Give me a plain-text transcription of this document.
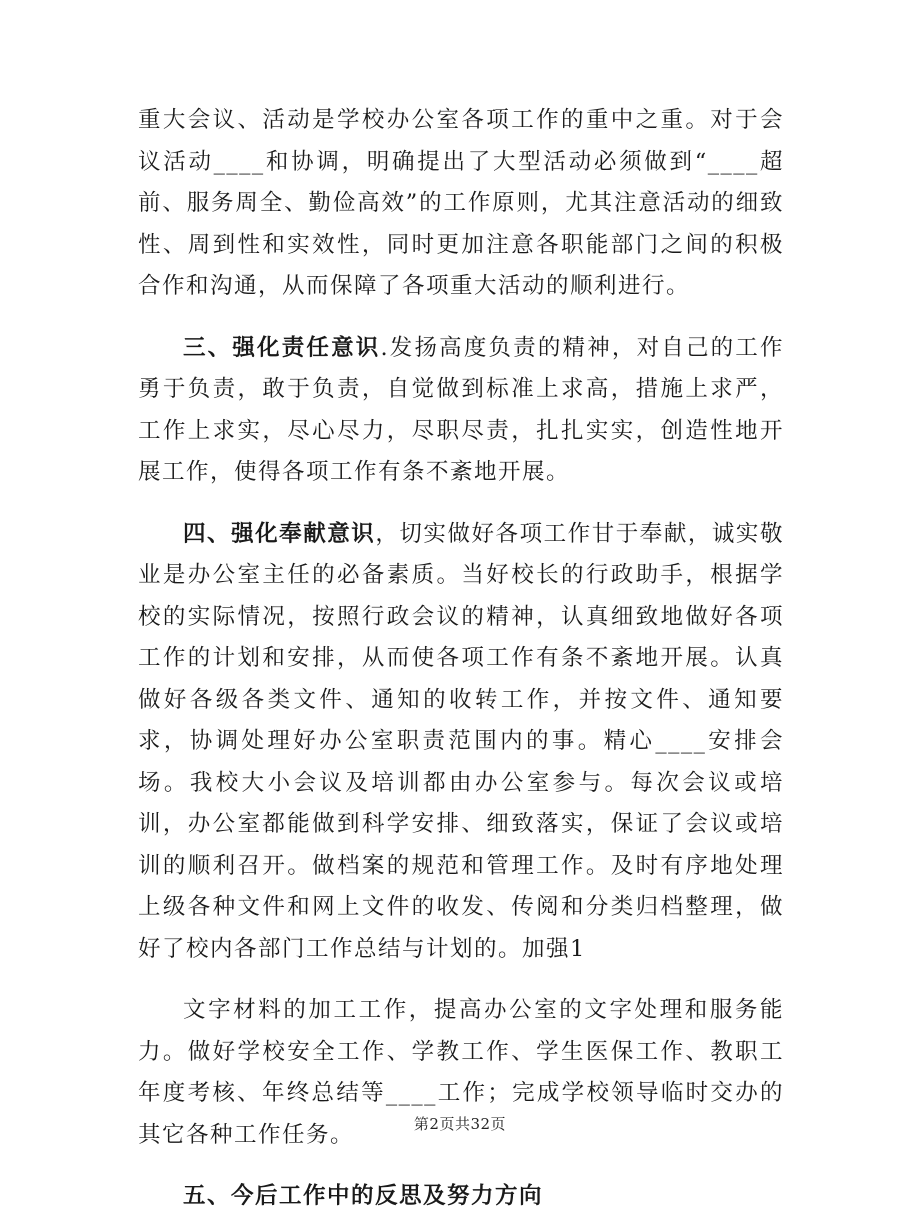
重大会议、活动是学校办公室各项工作的重中之重。对于会议活动____和协调，明确提出了大型活动必须做到“____超前、服务周全、勤俭高效”的工作原则，尤其注意活动的细致性、周到性和实效性，同时更加注意各职能部门之间的积极合作和沟通，从而保障了各项重大活动的顺利进行。

三、强化责任意识.发扬高度负责的精神，对自己的工作勇于负责，敢于负责，自觉做到标准上求高，措施上求严，工作上求实，尽心尽力，尽职尽责，扎扎实实，创造性地开展工作，使得各项工作有条不紊地开展。

四、强化奉献意识，切实做好各项工作甘于奉献，诚实敬业是办公室主任的必备素质。当好校长的行政助手，根据学校的实际情况，按照行政会议的精神，认真细致地做好各项工作的计划和安排，从而使各项工作有条不紊地开展。认真做好各级各类文件、通知的收转工作，并按文件、通知要求，协调处理好办公室职责范围内的事。精心____安排会场。我校大小会议及培训都由办公室参与。每次会议或培训，办公室都能做到科学安排、细致落实，保证了会议或培训的顺利召开。做档案的规范和管理工作。及时有序地处理上级各种文件和网上文件的收发、传阅和分类归档整理，做好了校内各部门工作总结与计划的。加强1

文字材料的加工工作，提高办公室的文字处理和服务能力。做好学校安全工作、学教工作、学生医保工作、教职工年度考核、年终总结等____工作；完成学校领导临时交办的其它各种工作任务。

五、今后工作中的反思及努力方向

第2页共32页
